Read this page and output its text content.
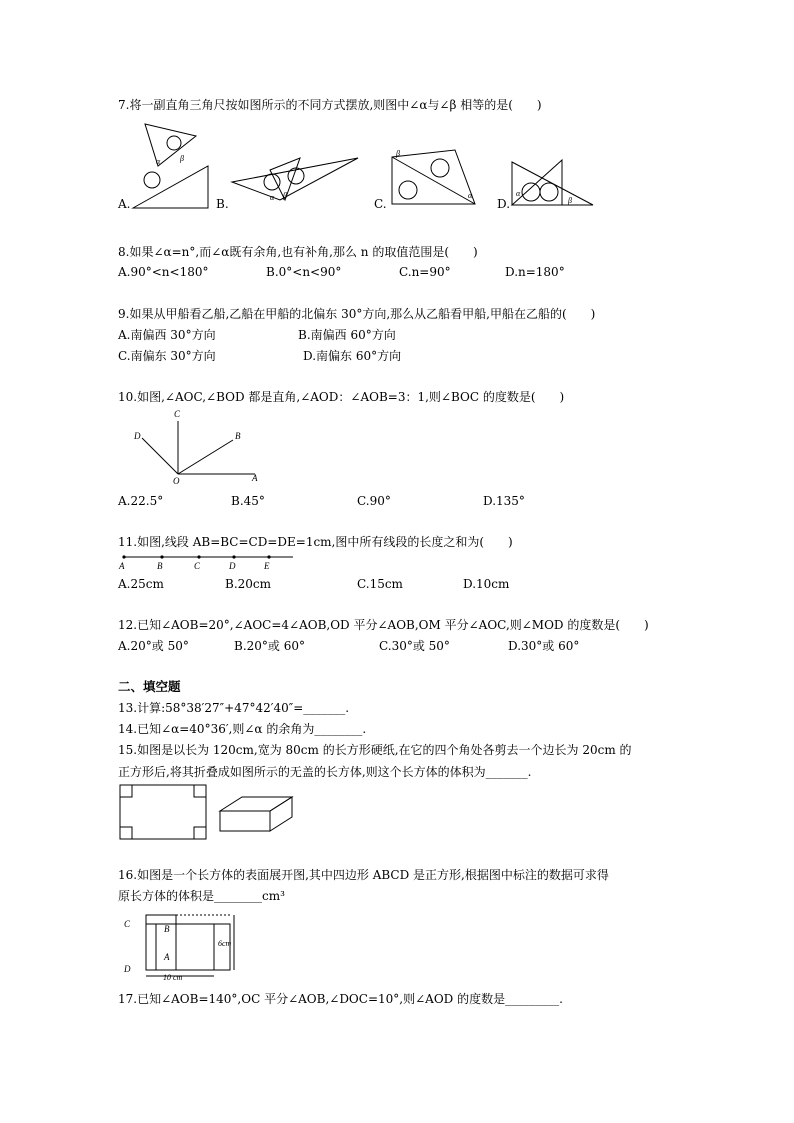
7.将一副直角三角尺按如图所示的不同方式摆放,则图中∠α与∠β 相等的是(　　)
α β
α β
β
α	α
β
A.	B.	C.	D.
8.如果∠α=n°,而∠α既有余角,也有补角,那么 n 的取值范围是(　　)
A.90°<n<180°	B.0°<n<90°	C.n=90°	D.n=180°
9.如果从甲船看乙船,乙船在甲船的北偏东 30°方向,那么从乙船看甲船,甲船在乙船的(　　)
A.南偏西 30°方向	B.南偏西 60°方向
C.南偏东 30°方向	D.南偏东 60°方向
10.如图,∠AOC,∠BOD 都是直角,∠AOD：∠AOB=3：1,则∠BOC 的度数是(　　)
C
D	B
O	A
A.22.5°	B.45°	C.90°	D.135°
11.如图,线段 AB=BC=CD=DE=1cm,图中所有线段的长度之和为(　　)
A	B	C	D	E
A.25cm	B.20cm	C.15cm	D.10cm
12.已知∠AOB=20°,∠AOC=4∠AOB,OD 平分∠AOB,OM 平分∠AOC,则∠MOD 的度数是(　　)
A.20°或 50°	B.20°或 60°	C.30°或 50°	D.30°或 60°
二、填空题
13.计算:58°38′27″+47°42′40″=_______.
14.已知∠α=40°36′,则∠α 的余角为________.
15.如图是以长为 120cm,宽为 80cm 的长方形硬纸,在它的四个角处各剪去一个边长为 20cm 的
正方形后,将其折叠成如图所示的无盖的长方体,则这个长方体的体积为_______.
16.如图是一个长方体的表面展开图,其中四边形 ABCD 是正方形,根据图中标注的数据可求得
原长方体的体积是________cm³
C	B
A
D
6cm
10 cm
17.已知∠AOB=140°,OC 平分∠AOB,∠DOC=10°,则∠AOD 的度数是_________.
